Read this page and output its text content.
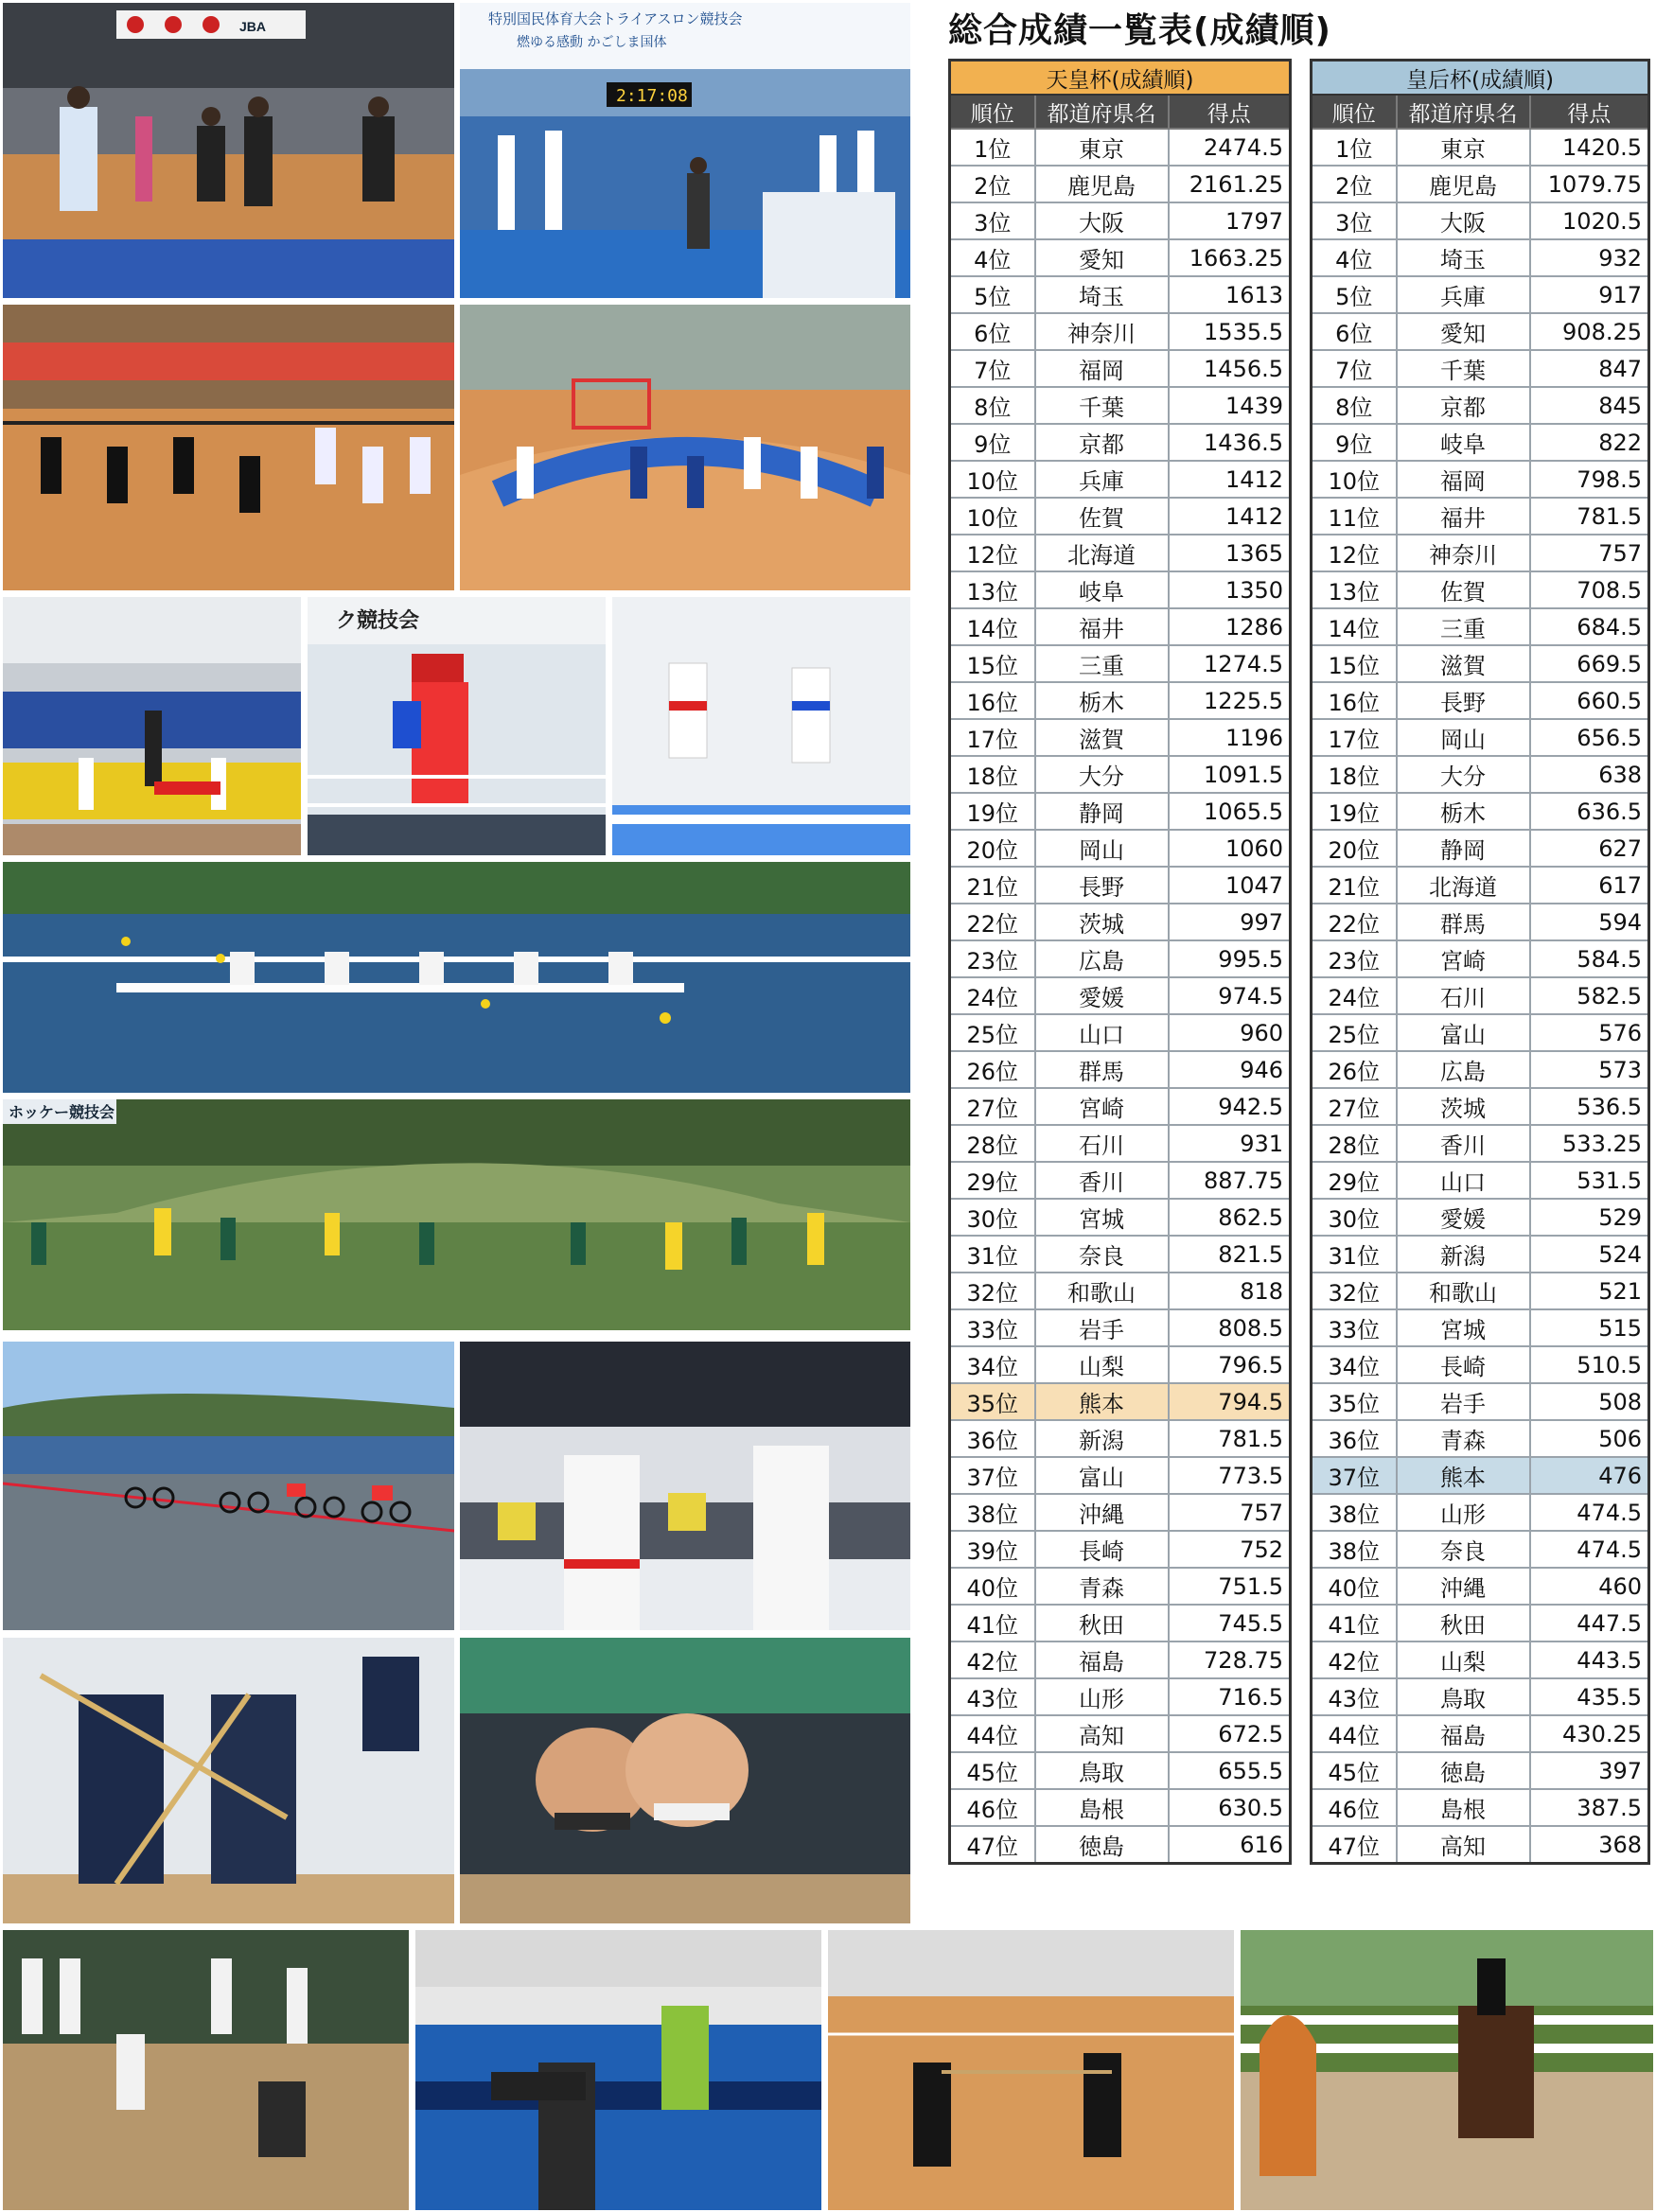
JBA	特別国民体育大会トライアスロン競技会
燃ゆる感動 かごしま国体
2:17:08
ク競技会
ホッケー競技会
総合成績一覧表(成績順)
天皇杯(成績順)		
順位	都道府県名	得点
1位	東京	2474.5
2位	鹿児島	2161.25
3位	大阪	1797
4位	愛知	1663.25
5位	埼玉	1613
6位	神奈川	1535.5
7位	福岡	1456.5
8位	千葉	1439
9位	京都	1436.5
10位	兵庫	1412
10位	佐賀	1412
12位	北海道	1365
13位	岐阜	1350
14位	福井	1286
15位	三重	1274.5
16位	栃木	1225.5
17位	滋賀	1196
18位	大分	1091.5
19位	静岡	1065.5
20位	岡山	1060
21位	長野	1047
22位	茨城	997
23位	広島	995.5
24位	愛媛	974.5
25位	山口	960
26位	群馬	946
27位	宮崎	942.5
28位	石川	931
29位	香川	887.75
30位	宮城	862.5
31位	奈良	821.5
32位	和歌山	818
33位	岩手	808.5
34位	山梨	796.5
35位	熊本	794.5
36位	新潟	781.5
37位	富山	773.5
38位	沖縄	757
39位	長崎	752
40位	青森	751.5
41位	秋田	745.5
42位	福島	728.75
43位	山形	716.5
44位	高知	672.5
45位	鳥取	655.5
46位	島根	630.5
47位	徳島	616
皇后杯(成績順)		
順位	都道府県名	得点
1位	東京	1420.5
2位	鹿児島	1079.75
3位	大阪	1020.5
4位	埼玉	932
5位	兵庫	917
6位	愛知	908.25
7位	千葉	847
8位	京都	845
9位	岐阜	822
10位	福岡	798.5
11位	福井	781.5
12位	神奈川	757
13位	佐賀	708.5
14位	三重	684.5
15位	滋賀	669.5
16位	長野	660.5
17位	岡山	656.5
18位	大分	638
19位	栃木	636.5
20位	静岡	627
21位	北海道	617
22位	群馬	594
23位	宮崎	584.5
24位	石川	582.5
25位	富山	576
26位	広島	573
27位	茨城	536.5
28位	香川	533.25
29位	山口	531.5
30位	愛媛	529
31位	新潟	524
32位	和歌山	521
33位	宮城	515
34位	長崎	510.5
35位	岩手	508
36位	青森	506
37位	熊本	476
38位	山形	474.5
38位	奈良	474.5
40位	沖縄	460
41位	秋田	447.5
42位	山梨	443.5
43位	鳥取	435.5
44位	福島	430.25
45位	徳島	397
46位	島根	387.5
47位	高知	368
